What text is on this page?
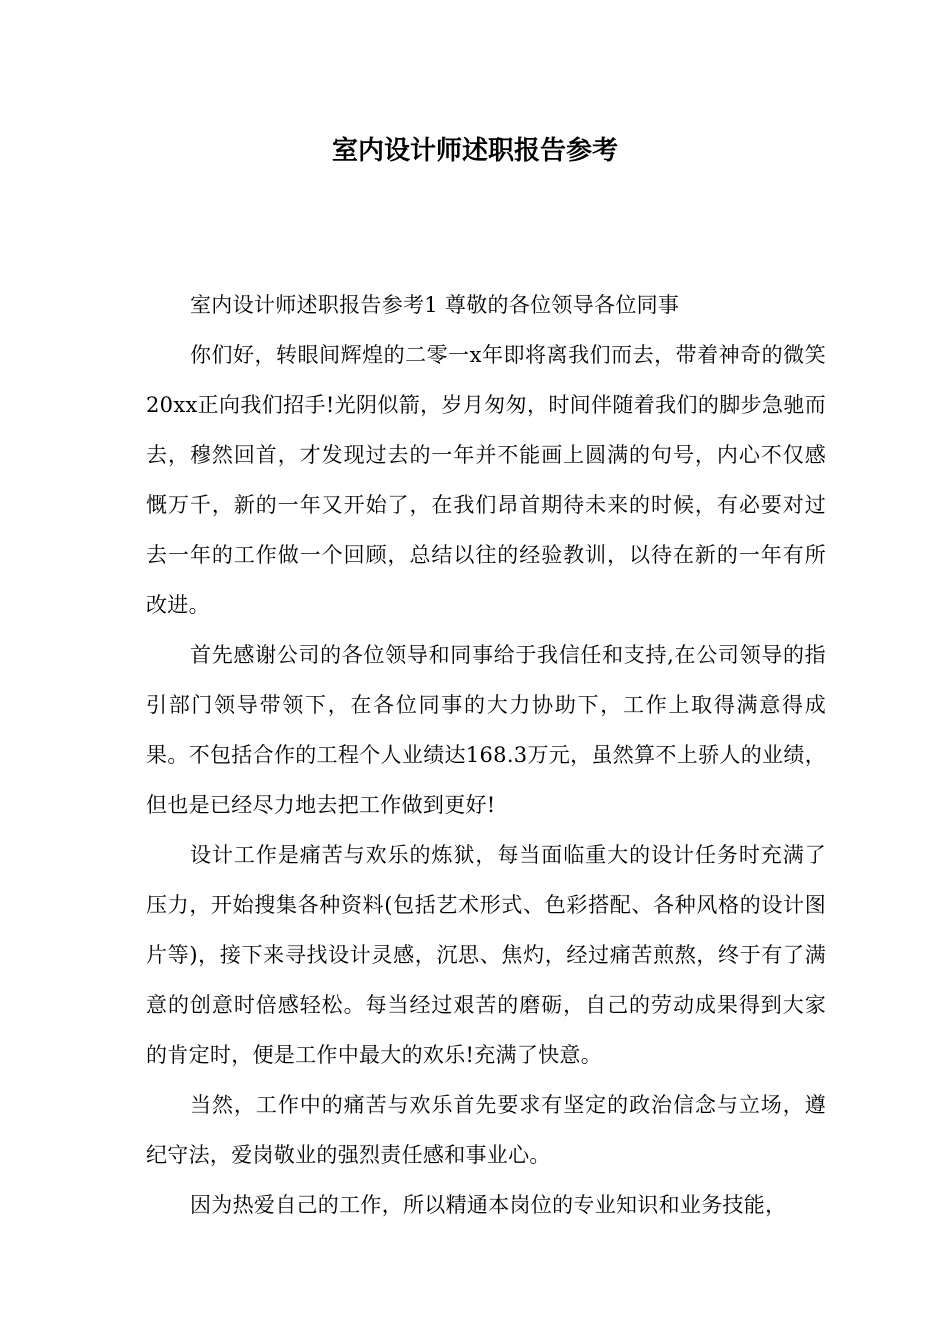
室内设计师述职报告参考

室内设计师述职报告参考1 尊敬的各位领导各位同事

你们好，转眼间辉煌的二零一x年即将离我们而去，带着神奇的微笑20xx正向我们招手!光阴似箭，岁月匆匆，时间伴随着我们的脚步急驰而去，穆然回首，才发现过去的一年并不能画上圆满的句号，内心不仅感慨万千，新的一年又开始了，在我们昂首期待未来的时候，有必要对过去一年的工作做一个回顾，总结以往的经验教训，以待在新的一年有所改进。

首先感谢公司的各位领导和同事给于我信任和支持,在公司领导的指引部门领导带领下，在各位同事的大力协助下，工作上取得满意得成果。不包括合作的工程个人业绩达168.3万元，虽然算不上骄人的业绩，但也是已经尽力地去把工作做到更好!

设计工作是痛苦与欢乐的炼狱，每当面临重大的设计任务时充满了压力，开始搜集各种资料(包括艺术形式、色彩搭配、各种风格的设计图片等)，接下来寻找设计灵感，沉思、焦灼，经过痛苦煎熬，终于有了满意的创意时倍感轻松。每当经过艰苦的磨砺，自己的劳动成果得到大家的肯定时，便是工作中最大的欢乐!充满了快意。

当然，工作中的痛苦与欢乐首先要求有坚定的政治信念与立场，遵纪守法，爱岗敬业的强烈责任感和事业心。

因为热爱自己的工作，所以精通本岗位的专业知识和业务技能，
